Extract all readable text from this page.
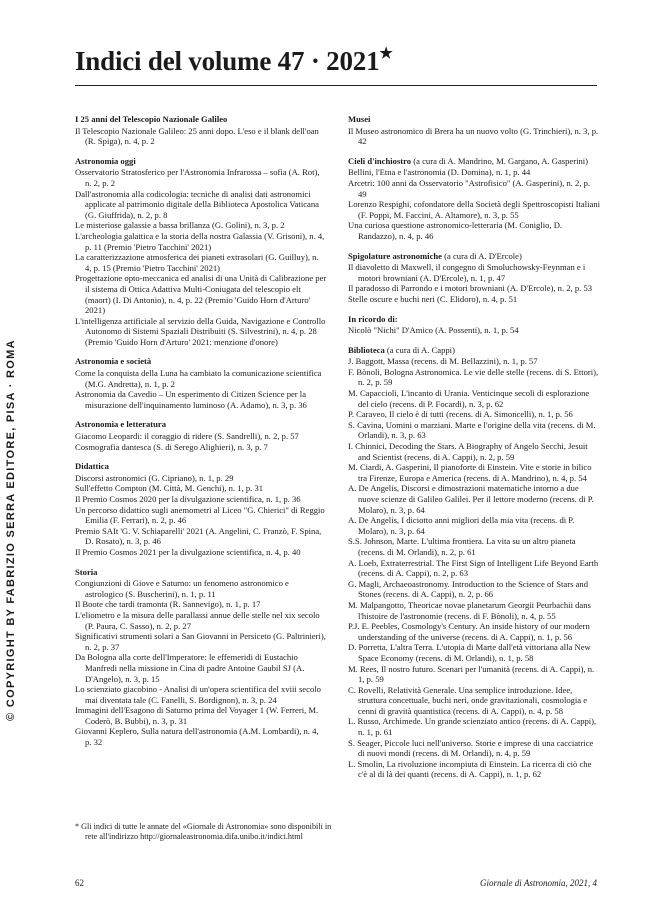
Indici del volume 47 · 2021★
© COPYRIGHT BY FABRIZIO SERRA EDITORE, PISA · ROMA
I 25 anni del Telescopio Nazionale Galileo
Il Telescopio Nazionale Galileo: 25 anni dopo. L'eso e il blank dell'oan (R. Spiga), n. 4, p. 2
Astronomia oggi
Osservatorio Stratosferico per l'Astronomia Infrarossa – sofia (A. Rot), n. 2, p. 2
Dall'astronomia alla codicologia: tecniche di analisi dati astronomici applicate al patrimonio digitale della Biblioteca Apostolica Vaticana (G. Giuffrida), n. 2, p. 8
Le misteriose galassie a bassa brillanza (G. Golini), n. 3, p. 2
L'archeologia galattica e la storia della nostra Galassia (V. Grisoni), n. 4, p. 11 (Premio 'Pietro Tacchini' 2021)
La caratterizzazione atmosferica dei pianeti extrasolari (G. Guilluy), n. 4, p. 15 (Premio 'Pietro Tacchini' 2021)
Progettazione opto-meccanica ed analisi di una Unità di Calibrazione per il sistema di Ottica Adattiva Multi-Coniugata del telescopio elt (maort) (I. Di Antonio), n. 4, p. 22 (Premio 'Guido Horn d'Arturo' 2021)
L'intelligenza artificiale al servizio della Guida, Navigazione e Controllo Autonomo di Sistemi Spaziali Distribuiti (S. Silvestrini), n. 4, p. 28 (Premio 'Guido Horn d'Arturo' 2021: menzione d'onore)
Astronomia e società
Come la conquista della Luna ha cambiato la comunicazione scientifica (M.G. Andretta), n. 1, p. 2
Astronomia da Cavedio – Un esperimento di Citizen Science per la misurazione dell'inquinamento luminoso (A. Adamo), n. 3, p. 36
Astronomia e letteratura
Giacomo Leopardi: il coraggio di ridere (S. Sandrelli), n. 2, p. 57
Cosmografia dantesca (S. di Serego Alighieri), n. 3, p. 7
Didattica
Discorsi astronomici (G. Cipriano), n. 1, p. 29
Sull'effetto Compton (M. Città, M. Genchi), n. 1, p. 31
Il Premio Cosmos 2020 per la divulgazione scientifica, n. 1, p. 36
Un percorso didattico sugli anemometri al Liceo "G. Chierici" di Reggio Emilia (F. Ferrari), n. 2, p. 46
Premio SAIt 'G. V. Schiaparelli' 2021 (A. Angelini, C. Franzò, F. Spina, D. Rosato), n. 3, p. 46
Il Premio Cosmos 2021 per la divulgazione scientifica, n. 4, p. 40
Storia
Congiunzioni di Giove e Saturno: un fenomeno astronomico e astrologico (S. Buscherini), n. 1, p. 11
Il Boote che tardi tramonta (R. Sannevigo), n. 1, p. 17
L'eliometro e la misura delle parallassi annue delle stelle nel xix secolo (P. Paura, C. Sasso), n. 2, p. 27
Significativi strumenti solari a San Giovanni in Persiceto (G. Paltrinieri), n. 2, p. 37
Da Bologna alla corte dell'Imperatore: le effemeridi di Eustachio Manfredi nella missione in Cina di padre Antoine Gaubil SJ (A. D'Angelo), n. 3, p. 15
Lo scienziato giacobino - Analisi di un'opera scientifica del xviii secolo mai diventata tale (C. Fanelli, S. Bordignon), n. 3, p. 24
Immagini dell'Esagono di Saturno prima del Voyager 1 (W. Ferreri, M. Coderò, B. Bubbi), n. 3, p. 31
Giovanni Keplero, Sulla natura dell'astronomia (A.M. Lombardi), n. 4, p. 32
Musei
Il Museo astronomico di Brera ha un nuovo volto (G. Trinchieri), n. 3, p. 42
Cieli d'inchiostro (a cura di A. Mandrino, M. Gargano, A. Gasperini)
Bellini, l'Etna e l'astronomia (D. Domina), n. 1, p. 44
Arcetri: 100 anni da Osservatorio "Astrofisico" (A. Gasperini), n. 2, p. 49
Lorenzo Respighi, cofondatore della Società degli Spettroscopisti Italiani (F. Poppi, M. Faccini, A. Altamore), n. 3, p. 55
Una curiosa questione astronomico-letteraria (M. Coniglio, D. Randazzo), n. 4, p. 46
Spigolature astronomiche (a cura di A. D'Ercole)
Il diavoletto di Maxwell, il congegno di Smoluchowsky-Feynman e i motori browniani (A. D'Ercole), n. 1, p. 47
Il paradosso di Parrondo e i motori browniani (A. D'Ercole), n. 2, p. 53
Stelle oscure e buchi neri (C. Elidoro), n. 4, p. 51
In ricordo di:
Nicolò "Nichi" D'Amico (A. Possenti), n. 1, p. 54
Biblioteca (a cura di A. Cappi)
J. Baggott, Massa (recens. di M. Bellazzini), n. 1, p. 57
F. Bònoli, Bologna Astronomica. Le vie delle stelle (recens. di S. Ettori), n. 2, p. 59
M. Capaccioli, L'incanto di Urania. Venticinque secoli di esplorazione del cielo (recens. di P. Focardi), n. 3, p. 62
P. Caraveo, Il cielo è di tutti (recens. di A. Simoncelli), n. 1, p. 56
S. Cavina, Uomini o marziani. Marte e l'origine della vita (recens. di M. Orlandi), n. 3, p. 63
I. Chinnici, Decoding the Stars. A Biography of Angelo Secchi, Jesuit and Scientist (recens. di A. Cappi), n. 2, p. 59
M. Ciardi, A. Gasperini, Il pianoforte di Einstein. Vite e storie in bilico tra Firenze, Europa e America (recens. di A. Mandrino), n. 4, p. 54
A. De Angelis, Discorsi e dimostrazioni matematiche intorno a due nuove scienze di Galileo Galilei. Per il lettore moderno (recens. di P. Molaro), n. 3, p. 64
A. De Angelis, I diciotto anni migliori della mia vita (recens. di P. Molaro), n. 3, p. 64
S.S. Johnson, Marte. L'ultima frontiera. La vita su un altro pianeta (recens. di M. Orlandi), n. 2, p. 61
A. Loeb, Extraterrestrial. The First Sign of Intelligent Life Beyond Earth (recens. di A. Cappi), n. 2, p. 63
G. Magli, Archaeoastronomy. Introduction to the Science of Stars and Stones (recens. di A. Cappi), n. 2, p. 66
M. Malpangotto, Theoricae novae planetarum Georgii Peurbachii dans l'histoire de l'astronomie (recens. di F. Bònoli), n. 4, p. 55
P.J. E. Peebles, Cosmology's Century. An inside history of our modern understanding of the universe (recens. di A. Cappi), n. 1, p. 56
D. Porretta, L'altra Terra. L'utopia di Marte dall'età vittoriana alla New Space Economy (recens. di M. Orlandi), n. 1, p. 58
M. Rees, Il nostro futuro. Scenari per l'umanità (recens. di A. Cappi), n. 1, p. 59
C. Rovelli, Relatività Generale. Una semplice introduzione. Idee, struttura concettuale, buchi neri, onde gravitazionali, cosmologia e cenni di gravità quantistica (recens. di A. Cappi), n. 4, p. 58
L. Russo, Archimede. Un grande scienziato antico (recens. di A. Cappi), n. 1, p. 61
S. Seager, Piccole luci nell'universo. Storie e imprese di una cacciatrice di nuovi mondi (recens. di M. Orlandi), n. 4, p. 59
L. Smolin, La rivoluzione incompiuta di Einstein. La ricerca di ciò che c'è al di là dei quanti (recens. di A. Cappi), n. 1, p. 62
* Gli indici di tutte le annate del «Giornale di Astronomia» sono disponibili in rete all'indirizzo http://giornaleastronomia.difa.unibo.it/indici.html
62	Giornale di Astronomia, 2021, 4
